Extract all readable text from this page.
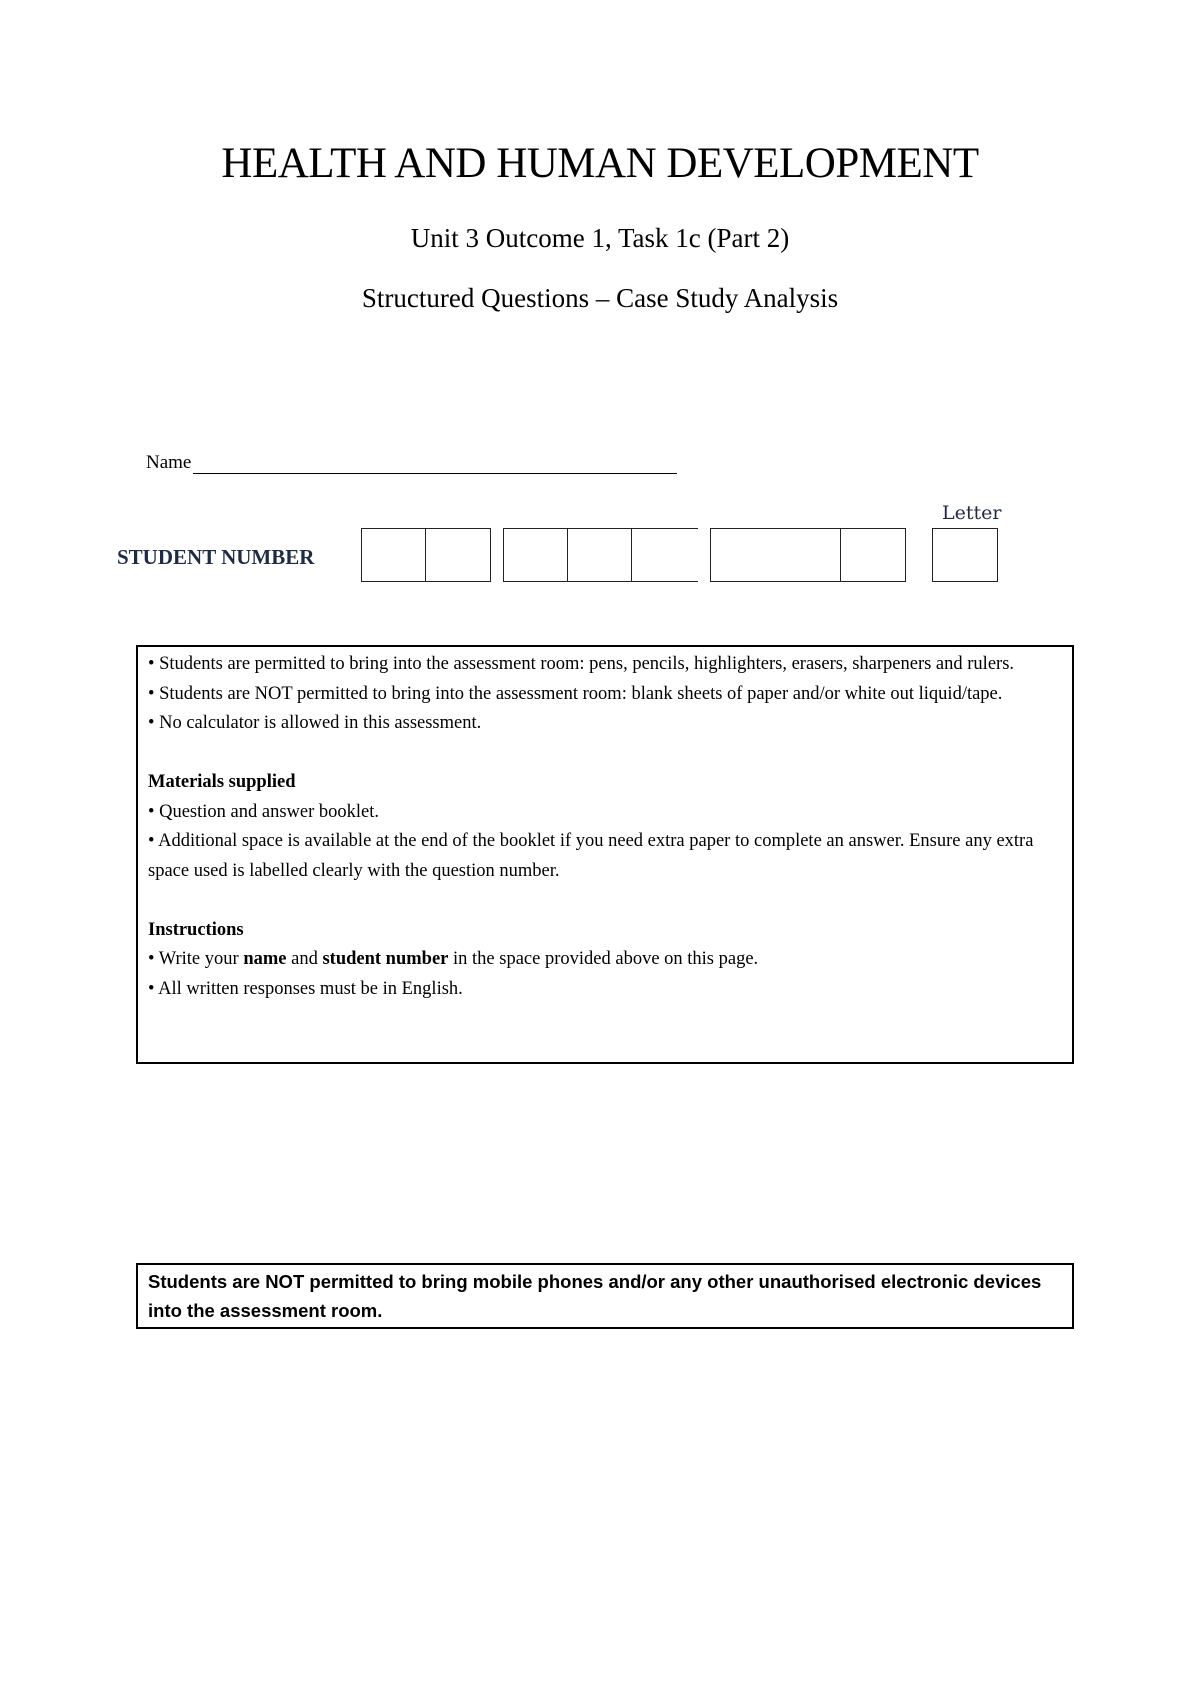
HEALTH AND HUMAN DEVELOPMENT

Unit 3 Outcome 1, Task 1c (Part 2)

Structured Questions – Case Study Analysis

Name
Letter
STUDENT NUMBER

• Students are permitted to bring into the assessment room: pens, pencils, highlighters, erasers, sharpeners and rulers.

• Students are NOT permitted to bring into the assessment room: blank sheets of paper and/or white out liquid/tape.

• No calculator is allowed in this assessment.

Materials supplied

• Question and answer booklet.

• Additional space is available at the end of the booklet if you need extra paper to complete an answer. Ensure any extra space used is labelled clearly with the question number.

Instructions

• Write your name and student number in the space provided above on this page.

• All written responses must be in English.

Students are NOT permitted to bring mobile phones and/or any other unauthorised electronic devices into the assessment room.
